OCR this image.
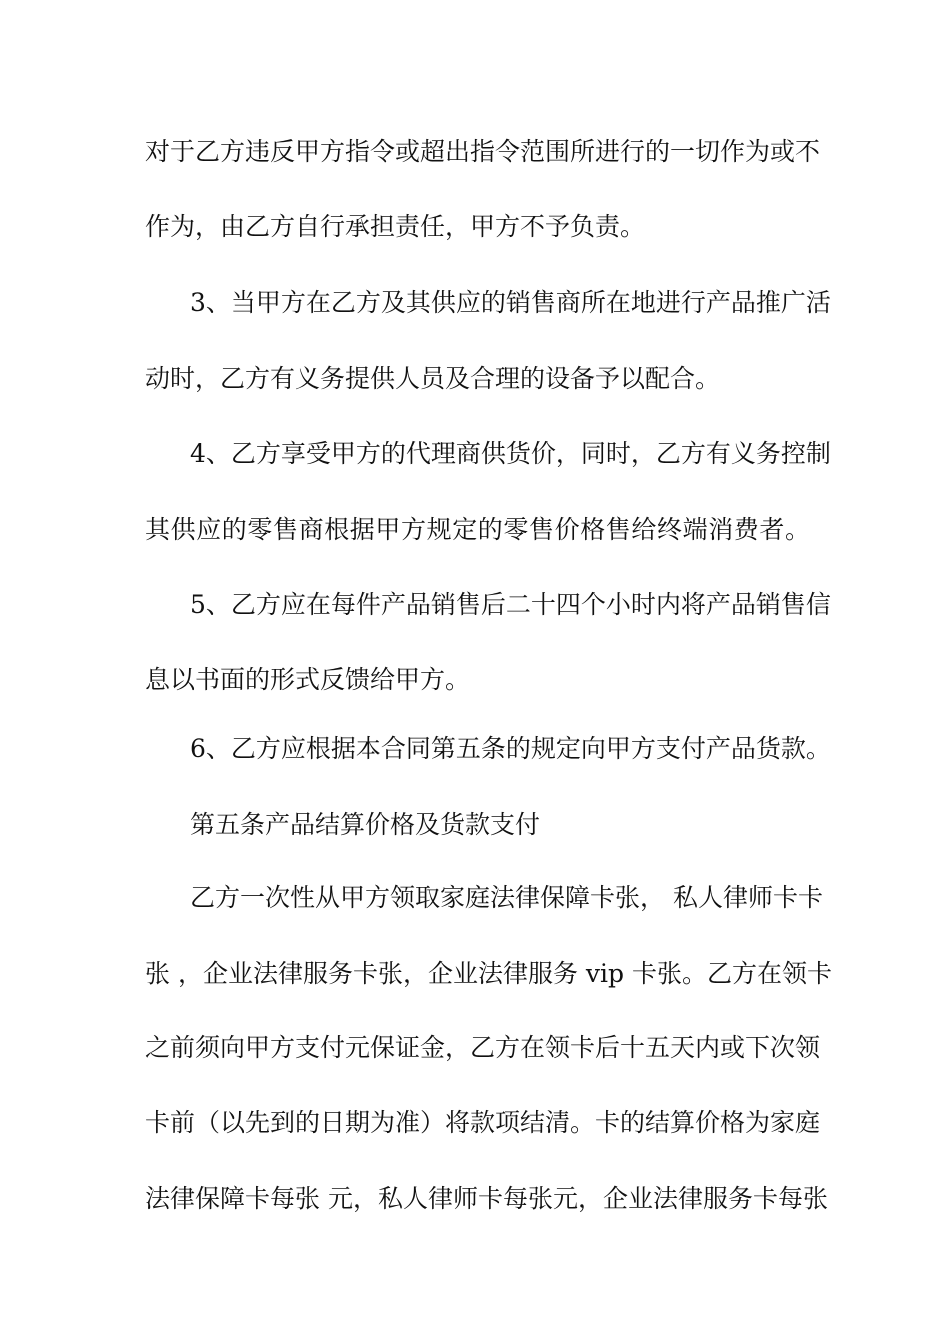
对于乙方违反甲方指令或超出指令范围所进行的一切作为或不
作为，由乙方自行承担责任，甲方不予负责。
3、当甲方在乙方及其供应的销售商所在地进行产品推广活
动时，乙方有义务提供人员及合理的设备予以配合。
4、乙方享受甲方的代理商供货价，同时，乙方有义务控制
其供应的零售商根据甲方规定的零售价格售给终端消费者。
5、乙方应在每件产品销售后二十四个小时内将产品销售信
息以书面的形式反馈给甲方。
6、乙方应根据本合同第五条的规定向甲方支付产品货款。
第五条产品结算价格及货款支付
乙方一次性从甲方领取家庭法律保障卡张， 私人律师卡卡
张 ，企业法律服务卡张，企业法律服务 vip 卡张。乙方在领卡
之前须向甲方支付元保证金，乙方在领卡后十五天内或下次领
卡前（以先到的日期为准）将款项结清。卡的结算价格为家庭
法律保障卡每张 元，私人律师卡每张元，企业法律服务卡每张
